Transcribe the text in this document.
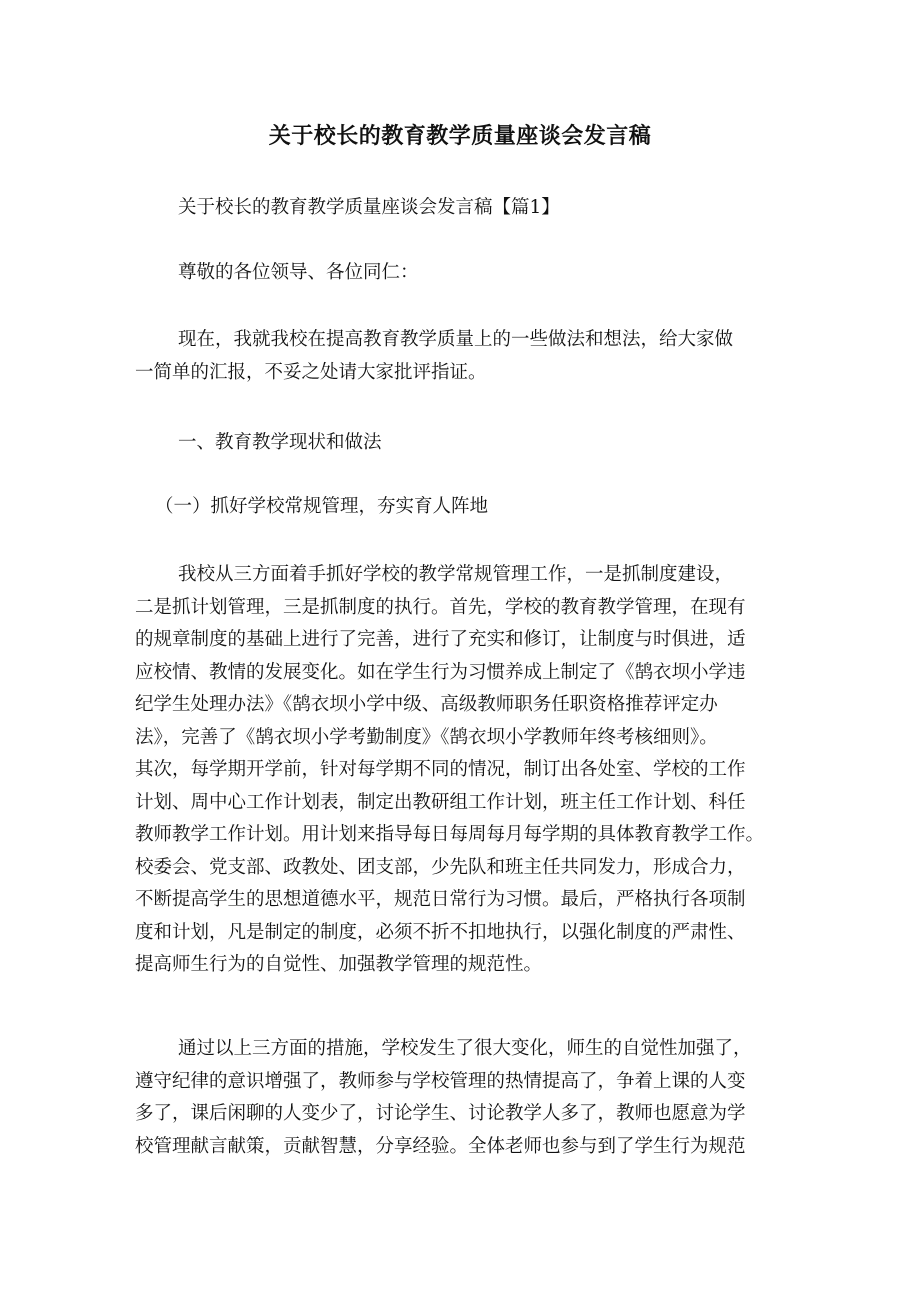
关于校长的教育教学质量座谈会发言稿
关于校长的教育教学质量座谈会发言稿【篇1】
尊敬的各位领导、各位同仁：
现在，我就我校在提高教育教学质量上的一些做法和想法，给大家做
一简单的汇报，不妥之处请大家批评指证。
一、教育教学现状和做法
（一）抓好学校常规管理，夯实育人阵地
我校从三方面着手抓好学校的教学常规管理工作，一是抓制度建设，
二是抓计划管理，三是抓制度的执行。首先，学校的教育教学管理，在现有
的规章制度的基础上进行了完善，进行了充实和修订，让制度与时俱进，适
应校情、教情的发展变化。如在学生行为习惯养成上制定了《鹄衣坝小学违
纪学生处理办法》《鹄衣坝小学中级、高级教师职务任职资格推荐评定办
法》，完善了《鹄衣坝小学考勤制度》《鹄衣坝小学教师年终考核细则》。
其次，每学期开学前，针对每学期不同的情况，制订出各处室、学校的工作
计划、周中心工作计划表，制定出教研组工作计划，班主任工作计划、科任
教师教学工作计划。用计划来指导每日每周每月每学期的具体教育教学工作。
校委会、党支部、政教处、团支部，少先队和班主任共同发力，形成合力，
不断提高学生的思想道德水平，规范日常行为习惯。最后，严格执行各项制
度和计划，凡是制定的制度，必须不折不扣地执行，以强化制度的严肃性、
提高师生行为的自觉性、加强教学管理的规范性。
通过以上三方面的措施，学校发生了很大变化，师生的自觉性加强了，
遵守纪律的意识增强了，教师参与学校管理的热情提高了，争着上课的人变
多了，课后闲聊的人变少了，讨论学生、讨论教学人多了，教师也愿意为学
校管理献言献策，贡献智慧，分享经验。全体老师也参与到了学生行为规范
